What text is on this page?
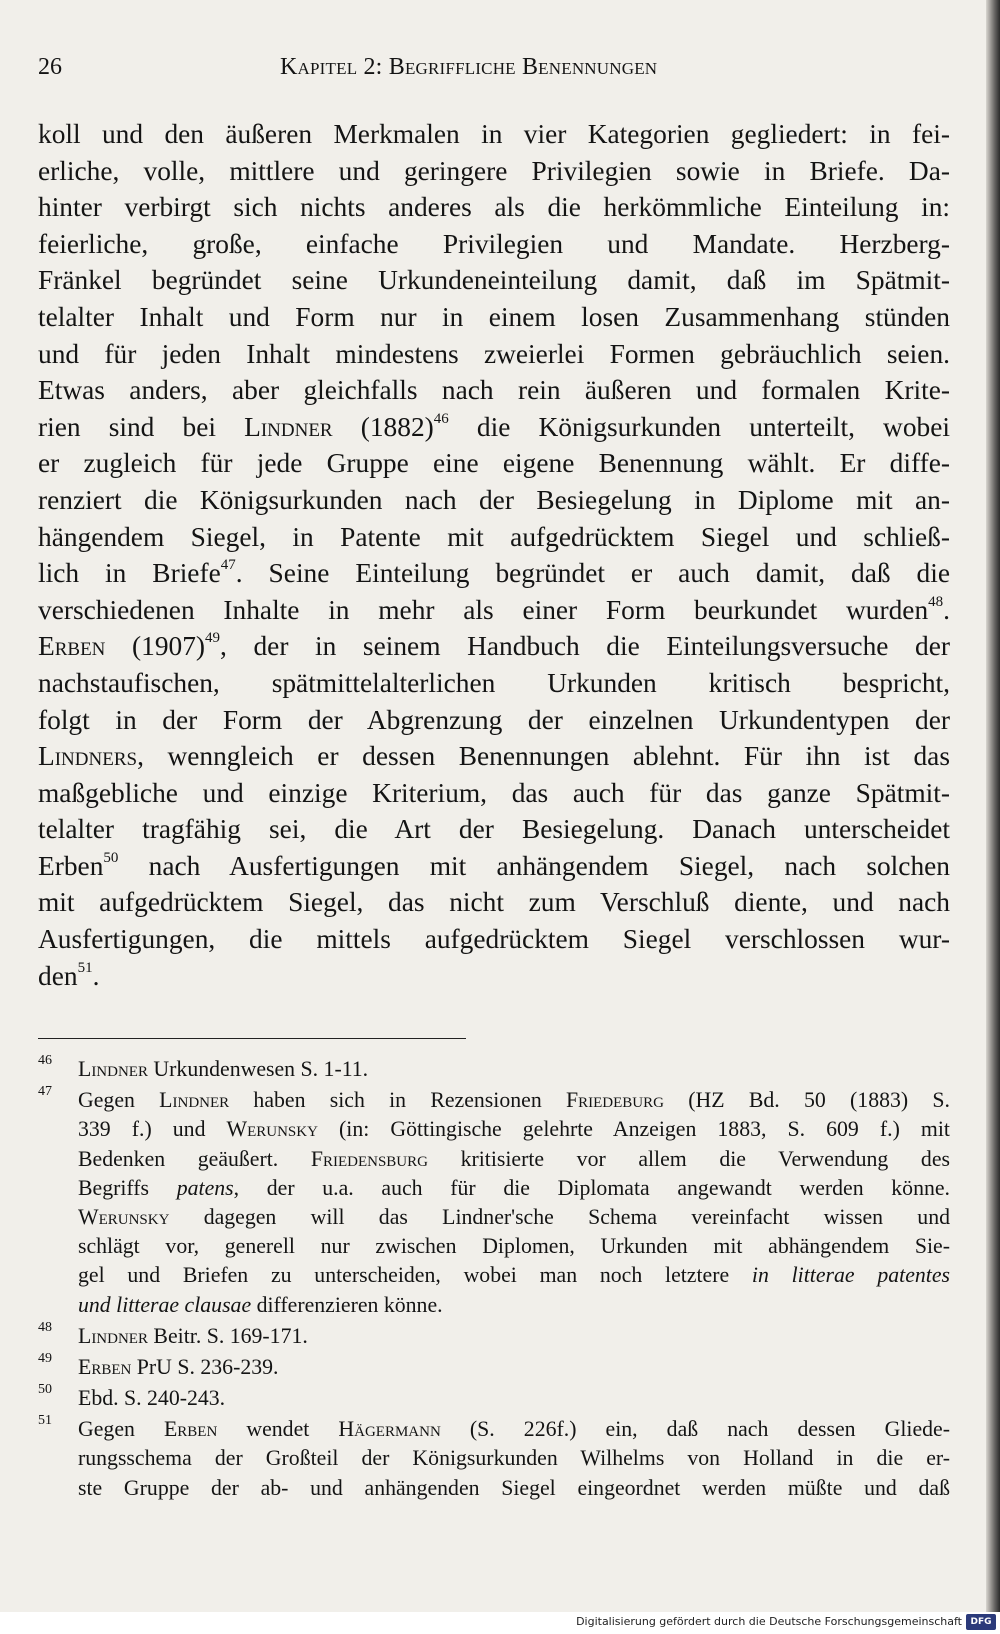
26	Kapitel 2: Begriffliche Benennungen
koll und den äußeren Merkmalen in vier Kategorien gegliedert: in fei-
erliche, volle, mittlere und geringere Privilegien sowie in Briefe. Da-
hinter verbirgt sich nichts anderes als die herkömmliche Einteilung in:
feierliche, große, einfache Privilegien und Mandate. Herzberg-
Fränkel begründet seine Urkundeneinteilung damit, daß im Spätmit-
telalter Inhalt und Form nur in einem losen Zusammenhang stünden
und für jeden Inhalt mindestens zweierlei Formen gebräuchlich seien.
Etwas anders, aber gleichfalls nach rein äußeren und formalen Krite-
rien sind bei Lindner $(1882)^{46}$ die Königsurkunden unterteilt, wobei
er zugleich für jede Gruppe eine eigene Benennung wählt. Er diffe-
renziert die Königsurkunden nach der Besiegelung in Diplome mit an-
hängendem Siegel, in Patente mit aufgedrücktem Siegel und schließ-
lich in Briefe$^{47}$. Seine Einteilung begründet er auch damit, daß die
verschiedenen Inhalte in mehr als einer Form beurkundet wurden$^{48}$.
Erben $(1907)^{49}$, der in seinem Handbuch die Einteilungsversuche der
nachstaufischen, spätmittelalterlichen Urkunden kritisch bespricht,
folgt in der Form der Abgrenzung der einzelnen Urkundentypen der
Lindners, wenngleich er dessen Benennungen ablehnt. Für ihn ist das
maßgebliche und einzige Kriterium, das auch für das ganze Spätmit-
telalter tragfähig sei, die Art der Besiegelung. Danach unterscheidet
Erben$^{50}$ nach Ausfertigungen mit anhängendem Siegel, nach solchen
mit aufgedrücktem Siegel, das nicht zum Verschluß diente, und nach
Ausfertigungen, die mittels aufgedrücktem Siegel verschlossen wur-
den$^{51}$.
46 Lindner Urkundenwesen S. 1-11.
47 Gegen Lindner haben sich in Rezensionen Friedeburg (HZ Bd. 50 (1883) S.
339 f.) und Werunsky (in: Göttingische gelehrte Anzeigen 1883, S. 609 f.) mit
Bedenken geäußert. Friedensburg kritisierte vor allem die Verwendung des
Begriffs patens, der u.a. auch für die Diplomata angewandt werden könne.
Werunsky dagegen will das Lindner'sche Schema vereinfacht wissen und
schlägt vor, generell nur zwischen Diplomen, Urkunden mit abhängendem Sie-
gel und Briefen zu unterscheiden, wobei man noch letztere in litterae patentes
und litterae clausae differenzieren könne.
48 Lindner Beitr. S. 169-171.
49 Erben PrU S. 236-239.
50 Ebd. S. 240-243.
51 Gegen Erben wendet Hägermann (S. 226f.) ein, daß nach dessen Gliede-
rungsschema der Großteil der Königsurkunden Wilhelms von Holland in die er-
ste Gruppe der ab- und anhängenden Siegel eingeordnet werden müßte und daß
Digitalisierung gefördert durch die Deutsche Forschungsgemeinschaft DFG
